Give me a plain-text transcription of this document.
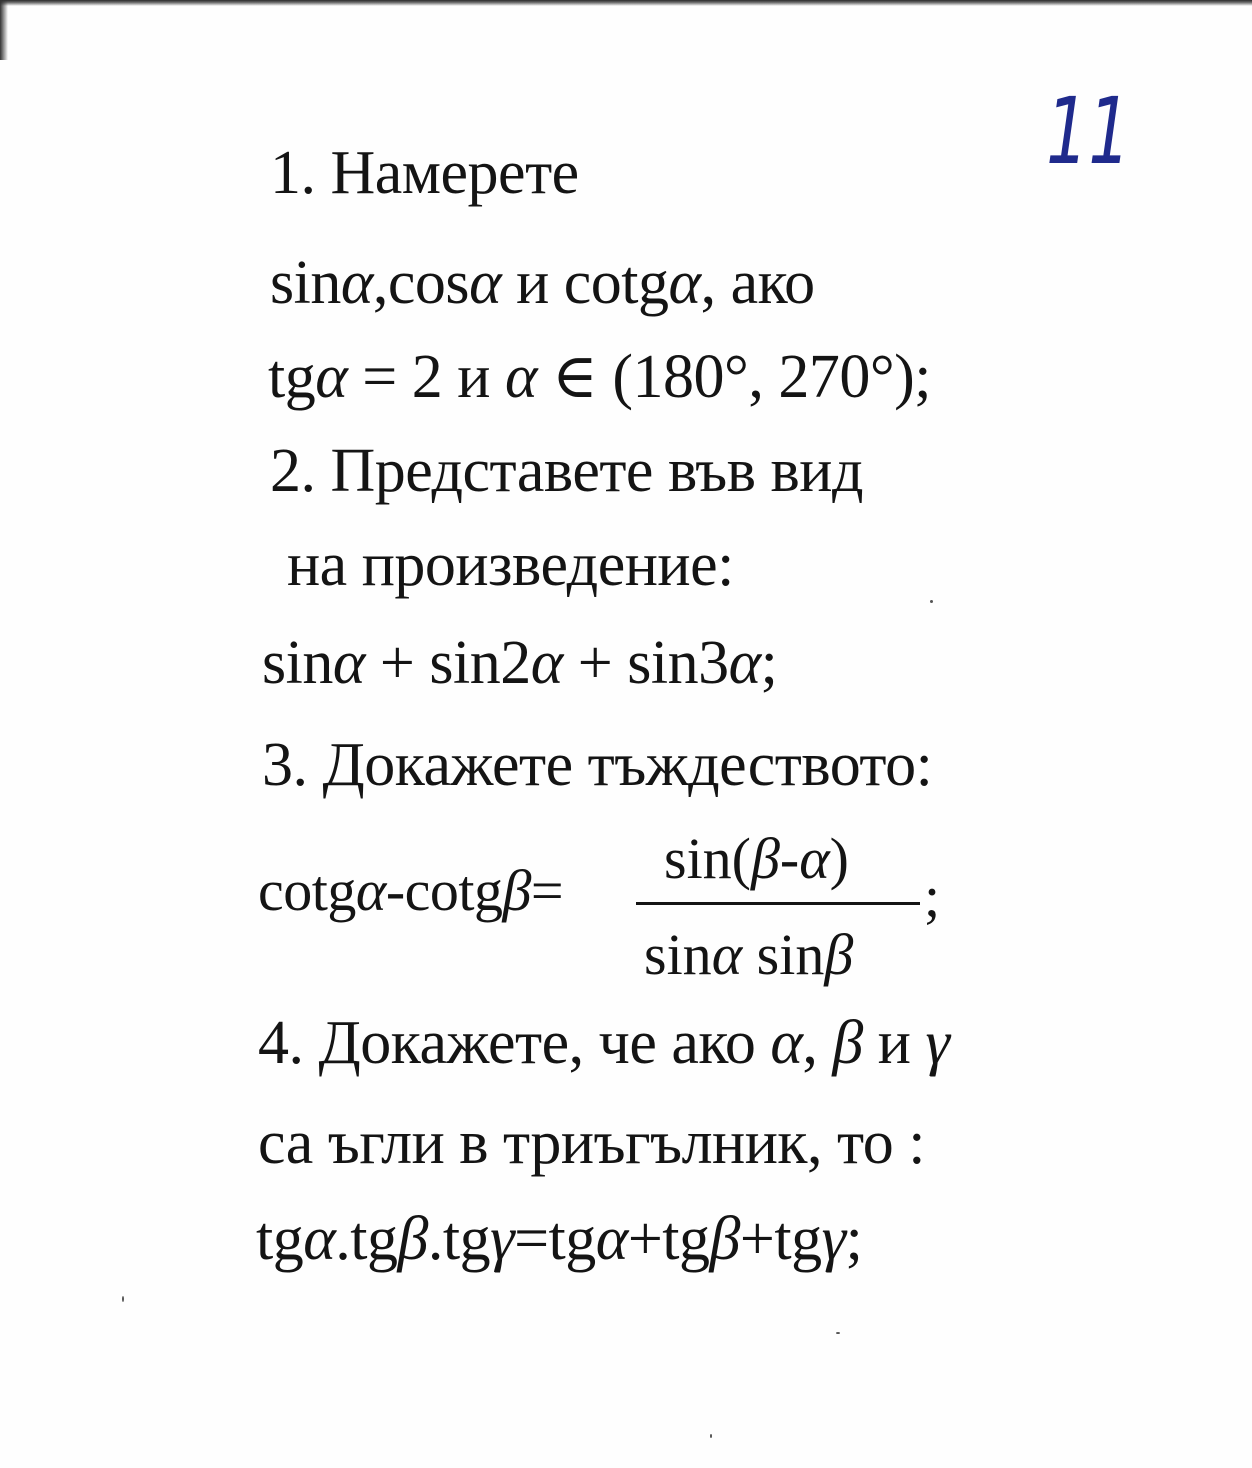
11
1. Намерете
sinα,cosα и cotgα, ако
tgα = 2 и α ∈ (180°, 270°);
2. Представете във вид
на произведение:
sinα + sin2α + sin3α;
3. Докажете тъждеството:
cotgα-cotgβ= sin(β-α)
sinα sinβ
;
4. Докажете, че ако α, β и γ
са ъгли в триъгълник, то :
tgα.tgβ.tgγ=tgα+tgβ+tgγ;
